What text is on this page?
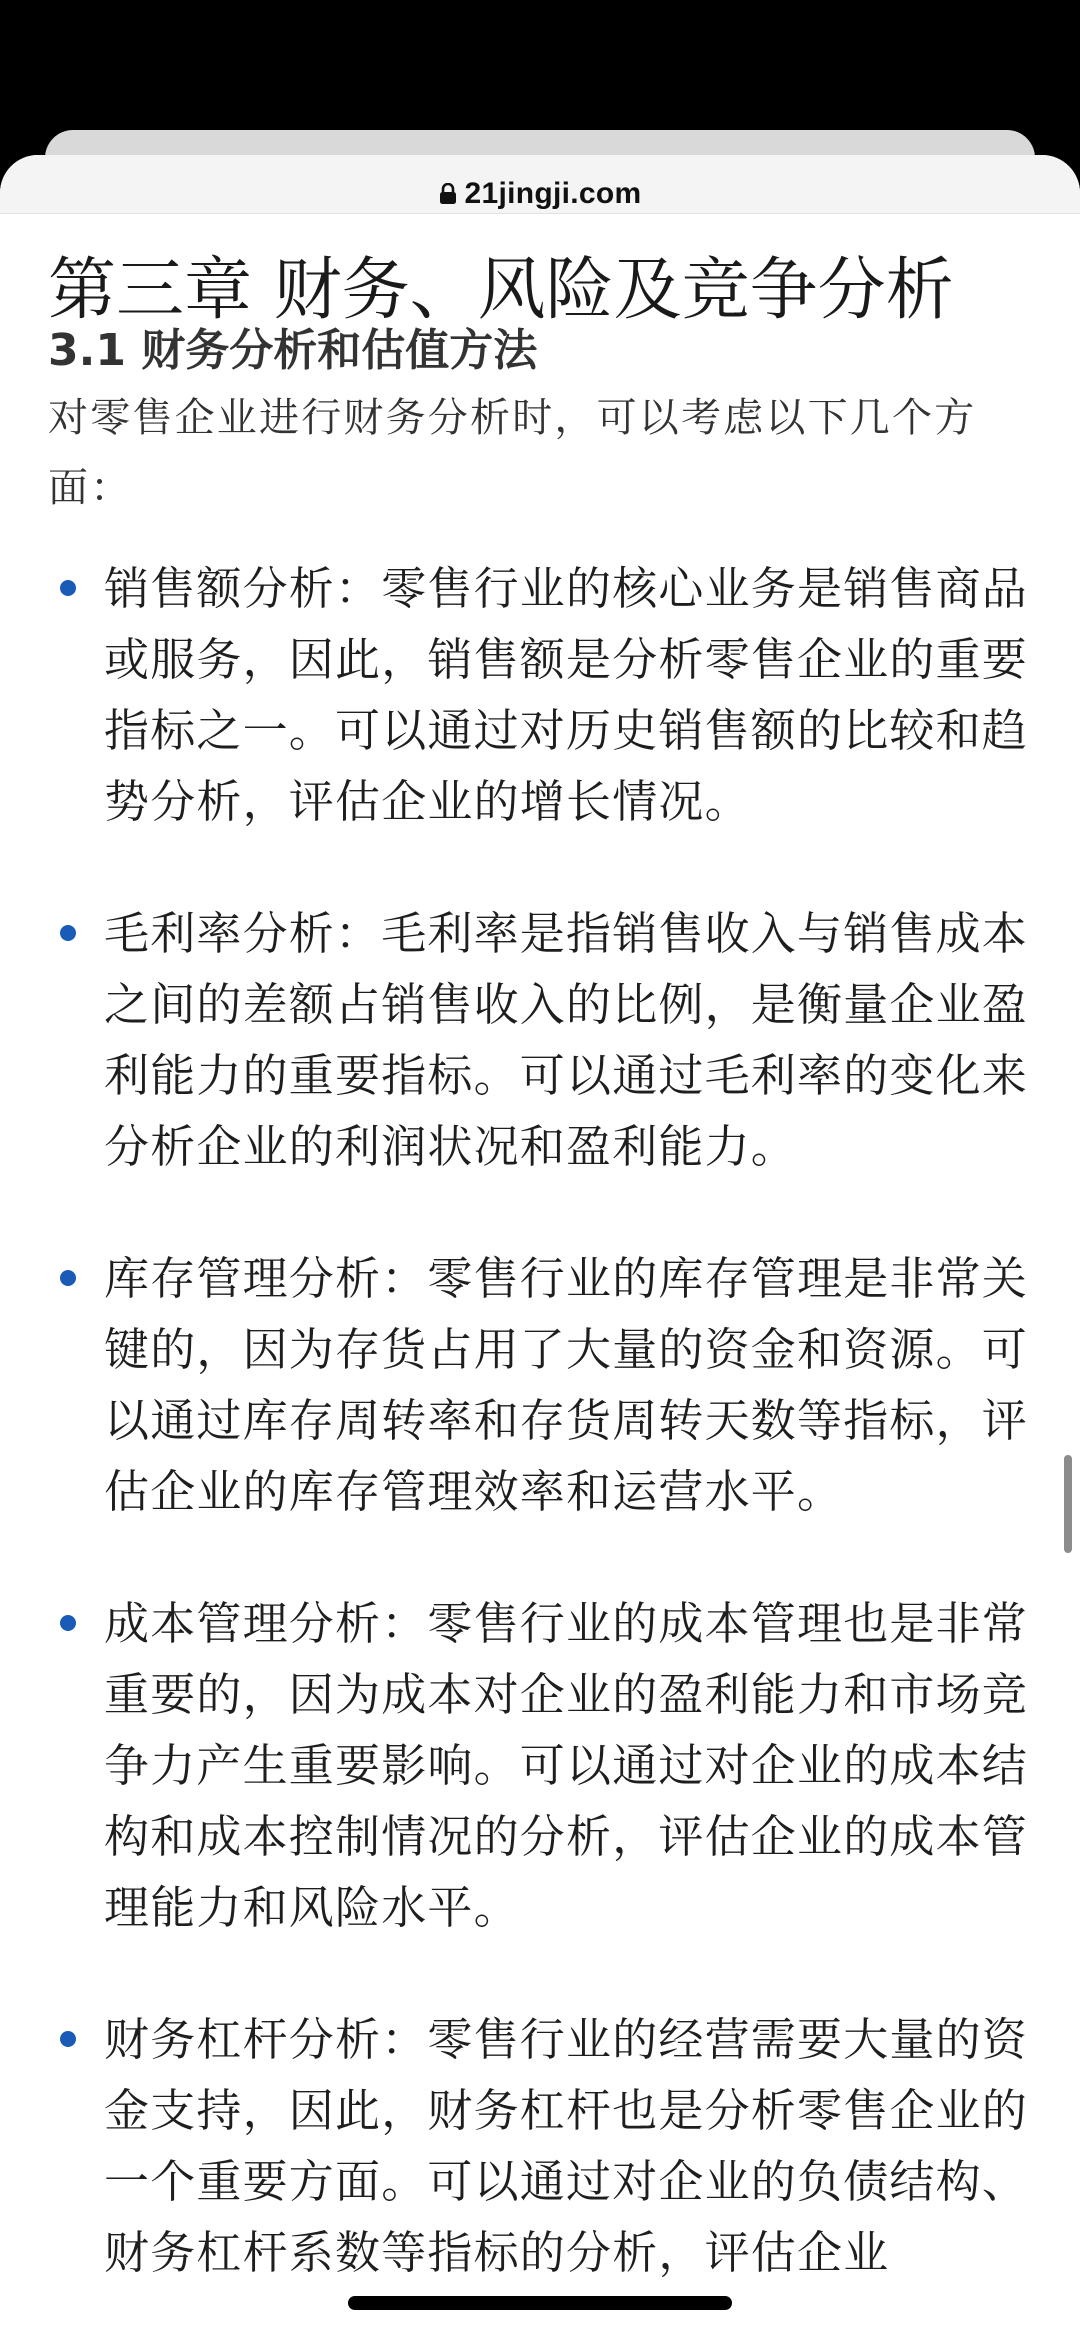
21jingji.com
第三章 财务、风险及竞争分析
3.1 财务分析和估值方法

对零售企业进行财务分析时，可以考虑以下几个方面：

销售额分析：零售行业的核心业务是销售商品或服务，因此，销售额是分析零售企业的重要指标之一。可以通过对历史销售额的比较和趋势分析，评估企业的增长情况。
毛利率分析：毛利率是指销售收入与销售成本之间的差额占销售收入的比例，是衡量企业盈利能力的重要指标。可以通过毛利率的变化来分析企业的利润状况和盈利能力。
库存管理分析：零售行业的库存管理是非常关键的，因为存货占用了大量的资金和资源。可以通过库存周转率和存货周转天数等指标，评估企业的库存管理效率和运营水平。
成本管理分析：零售行业的成本管理也是非常重要的，因为成本对企业的盈利能力和市场竞争力产生重要影响。可以通过对企业的成本结构和成本控制情况的分析，评估企业的成本管理能力和风险水平。
财务杠杆分析：零售行业的经营需要大量的资金支持，因此，财务杠杆也是分析零售企业的一个重要方面。可以通过对企业的负债结构、财务杠杆系数等指标的分析，评估企业
